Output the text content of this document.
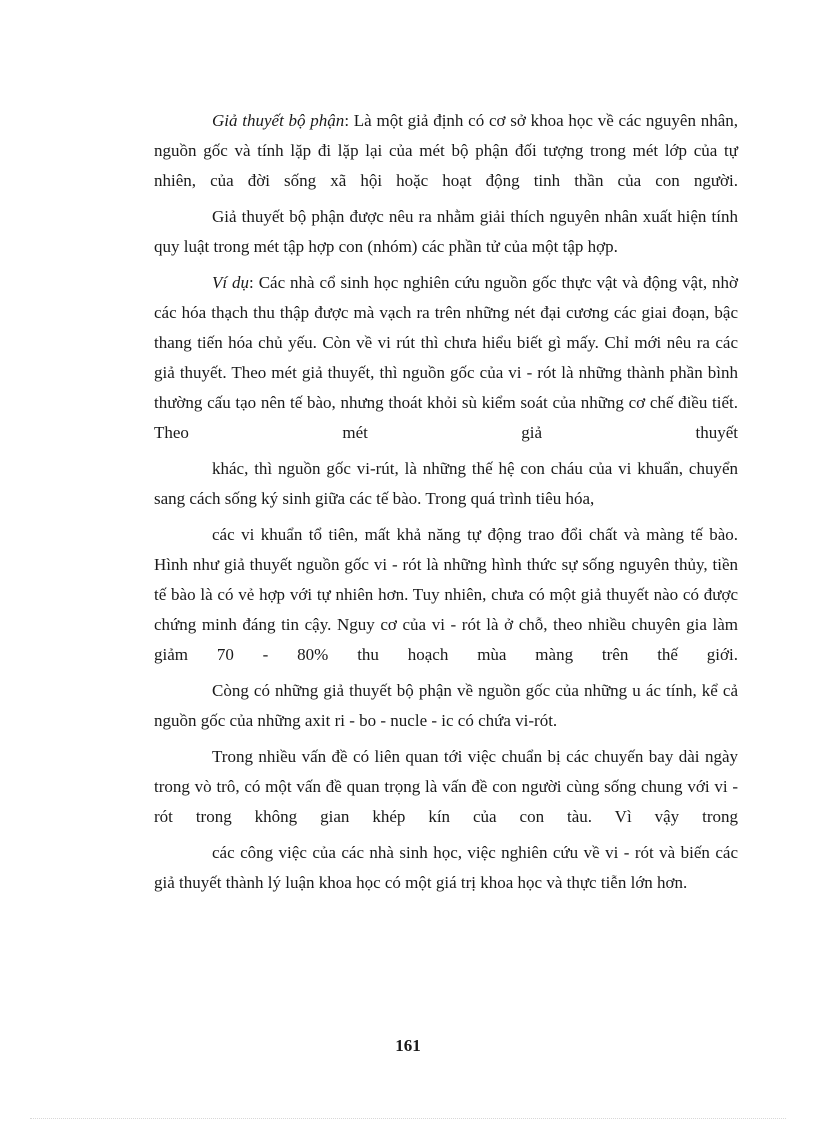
Giả thuyết bộ phận: Là một giả định có cơ sở khoa học về các nguyên nhân, nguồn gốc và tính lặp đi lặp lại của mét bộ phận đối tượng trong mét lớp của tự nhiên, của đời sống xã hội hoặc hoạt động tinh thần của con người.

Giả thuyết bộ phận được nêu ra nhằm giải thích nguyên nhân xuất hiện tính quy luật trong mét tập hợp con (nhóm) các phần tử của một tập hợp.

Ví dụ: Các nhà cổ sinh học nghiên cứu nguồn gốc thực vật và động vật, nhờ các hóa thạch thu thập được mà vạch ra trên những nét đại cương các giai đoạn, bậc thang tiến hóa chủ yếu. Còn về vi rút thì chưa hiểu biết gì mấy. Chỉ mới nêu ra các giả thuyết. Theo mét giả thuyết, thì nguồn gốc của vi - rót là những thành phần bình thường cấu tạo nên tế bào, nhưng thoát khỏi sù kiểm soát của những cơ chế điều tiết. Theo mét giả thuyết

khác, thì nguồn gốc vi-rút, là những thế hệ con cháu của vi khuẩn, chuyển sang cách sống ký sinh giữa các tế bào. Trong quá trình tiêu hóa,

các vi khuẩn tổ tiên, mất khả năng tự động trao đổi chất và màng tế bào. Hình như giả thuyết nguồn gốc vi - rót là những hình thức sự sống nguyên thủy, tiền tế bào là có vẻ hợp với tự nhiên hơn. Tuy nhiên, chưa có một giả thuyết nào có được chứng minh đáng tin cậy. Nguy cơ của vi - rót là ở chỗ, theo nhiều chuyên gia làm giảm 70 - 80% thu hoạch mùa màng trên thế giới.

Còng có những giả thuyết bộ phận về nguồn gốc của những u ác tính, kể cả nguồn gốc của những axit ri - bo - nucle - ic có chứa vi-rót.

Trong nhiều vấn đề có liên quan tới việc chuẩn bị các chuyến bay dài ngày trong vò trô, có một vấn đề quan trọng là vấn đề con người cùng sống chung với vi - rót trong không gian khép kín của con tàu. Vì vậy trong

các công việc của các nhà sinh học, việc nghiên cứu về vi - rót và biến các giả thuyết thành lý luận khoa học có một giá trị khoa học và thực tiễn lớn hơn.

161
